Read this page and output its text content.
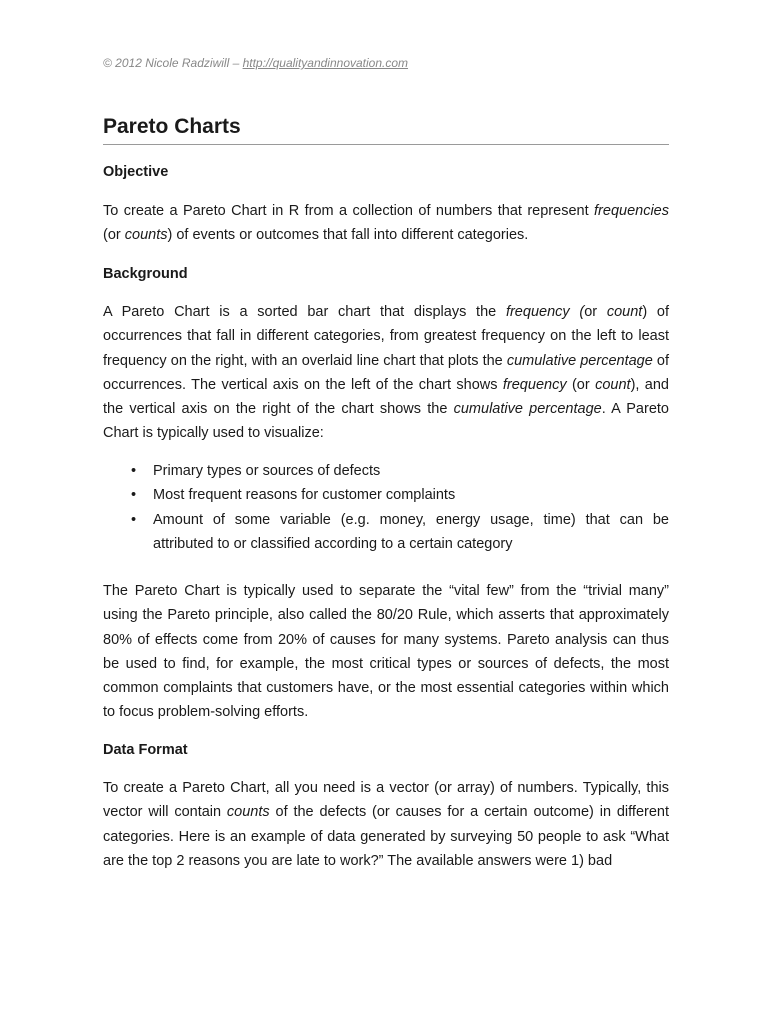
© 2012 Nicole Radziwill – http://qualityandinnovation.com
Pareto Charts
Objective

To create a Pareto Chart in R from a collection of numbers that represent frequencies (or counts) of events or outcomes that fall into different categories.

Background

A Pareto Chart is a sorted bar chart that displays the frequency (or count) of occurrences that fall in different categories, from greatest frequency on the left to least frequency on the right, with an overlaid line chart that plots the cumulative percentage of occurrences. The vertical axis on the left of the chart shows frequency (or count), and the vertical axis on the right of the chart shows the cumulative percentage. A Pareto Chart is typically used to visualize:

• Primary types or sources of defects
• Most frequent reasons for customer complaints
• Amount of some variable (e.g. money, energy usage, time) that can be attributed to or classified according to a certain category

The Pareto Chart is typically used to separate the “vital few” from the “trivial many” using the Pareto principle, also called the 80/20 Rule, which asserts that approximately 80% of effects come from 20% of causes for many systems. Pareto analysis can thus be used to find, for example, the most critical types or sources of defects, the most common complaints that customers have, or the most essential categories within which to focus problem-solving efforts.

Data Format

To create a Pareto Chart, all you need is a vector (or array) of numbers. Typically, this vector will contain counts of the defects (or causes for a certain outcome) in different categories. Here is an example of data generated by surveying 50 people to ask “What are the top 2 reasons you are late to work?” The available answers were 1) bad
